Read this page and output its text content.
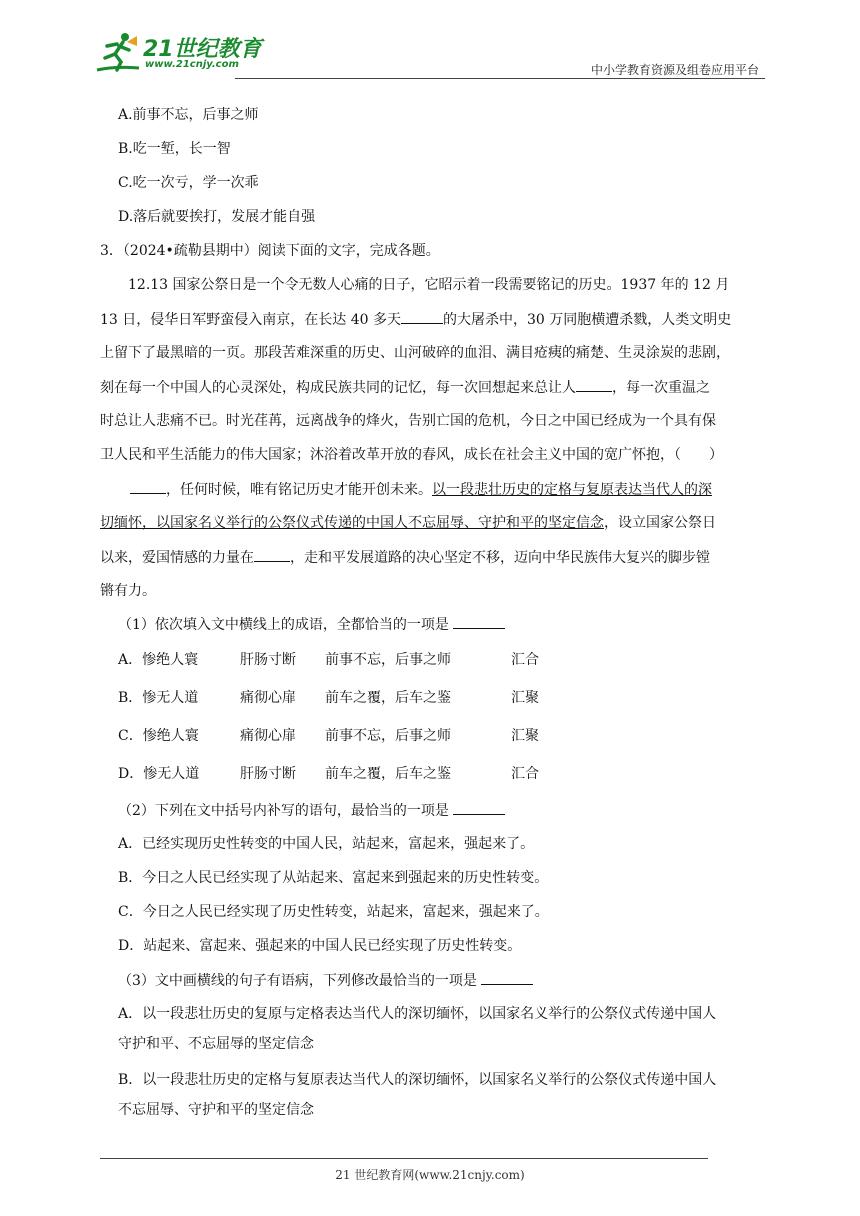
21世纪教育
www.21cnjy.com	中小学教育资源及组卷应用平台
A.前事不忘，后事之师
B.吃一堑，长一智
C.吃一次亏，学一次乖
D.落后就要挨打，发展才能自强
3．（2024•疏勒县期中）阅读下面的文字，完成各题。
12.13 国家公祭日是一个令无数人心痛的日子，它昭示着一段需要铭记的历史。1937 年的 12 月
13 日，侵华日军野蛮侵入南京，在长达 40 多天	的大屠杀中，30 万同胞横遭杀戮，人类文明史
上留下了最黑暗的一页。那段苦难深重的历史、山河破碎的血泪、满目疮痍的痛楚、生灵涂炭的悲剧，
刻在每一个中国人的心灵深处，构成民族共同的记忆，每一次回想起来总让人	，每一次重温之
时总让人悲痛不已。时光荏苒，远离战争的烽火，告别亡国的危机，今日之中国已经成为一个具有保
卫人民和平生活能力的伟大国家；沐浴着改革开放的春风，成长在社会主义中国的宽广怀抱，（　　）
，任何时候，唯有铭记历史才能开创未来。以一段悲壮历史的定格与复原表达当代人的深
切缅怀，以国家名义举行的公祭仪式传递的中国人不忘屈辱、守护和平的坚定信念，设立国家公祭日
以来，爱国情感的力量在	，走和平发展道路的决心坚定不移，迈向中华民族伟大复兴的脚步镗
锵有力。
（1）依次填入文中横线上的成语，全都恰当的一项是
A．惨绝人寰	肝肠寸断 前事不忘，后事之师	汇合
B．惨无人道	痛彻心扉 前车之覆，后车之鉴	汇聚
C．惨绝人寰	痛彻心扉 前事不忘，后事之师	汇聚
D．惨无人道	肝肠寸断 前车之覆，后车之鉴	汇合
（2）下列在文中括号内补写的语句，最恰当的一项是
A．已经实现历史性转变的中国人民，站起来，富起来，强起来了。
B．今日之人民已经实现了从站起来、富起来到强起来的历史性转变。
C．今日之人民已经实现了历史性转变，站起来，富起来，强起来了。
D．站起来、富起来、强起来的中国人民已经实现了历史性转变。
（3）文中画横线的句子有语病，下列修改最恰当的一项是
A．以一段悲壮历史的复原与定格表达当代人的深切缅怀，以国家名义举行的公祭仪式传递中国人
守护和平、不忘屈辱的坚定信念
B．以一段悲壮历史的定格与复原表达当代人的深切缅怀，以国家名义举行的公祭仪式传递中国人
不忘屈辱、守护和平的坚定信念
21 世纪教育网(www.21cnjy.com)
